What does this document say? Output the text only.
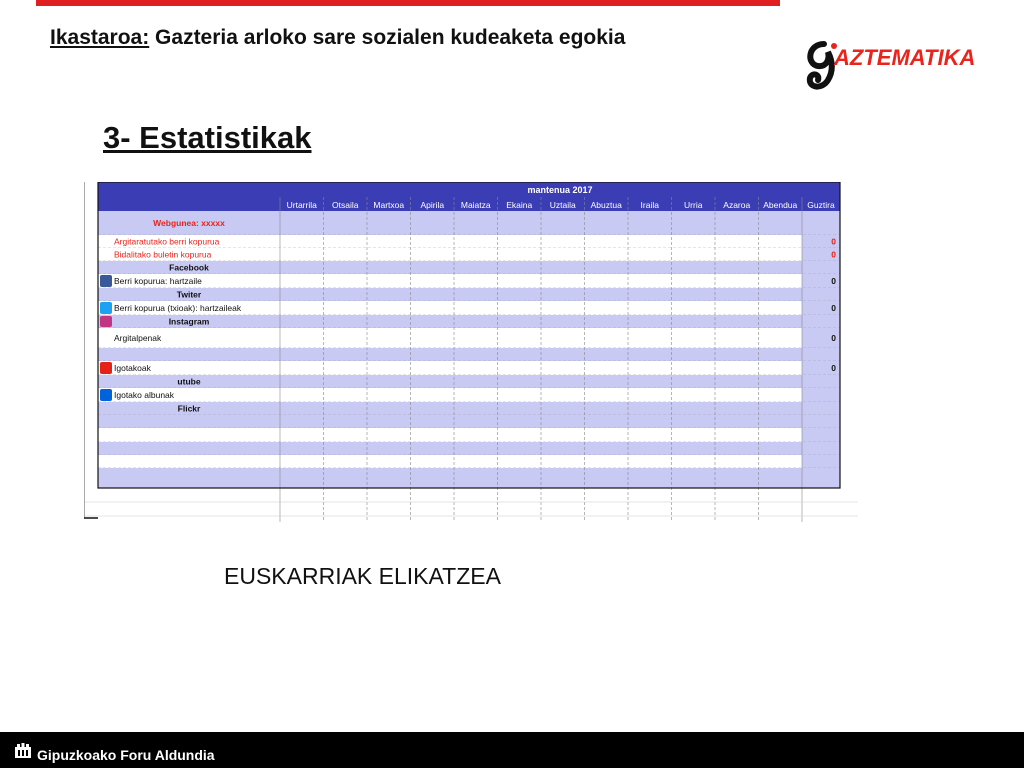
Ikastaroa: Gazteria arloko sare sozialen kudeaketa egokia
AZTEMATIKA
3- Estatistikak
mantenua 2017
Urtarrila Otsaila Martxoa Apirila Maiatza Ekaina Uztaila Abuztua Iraila	Urria Azaroa Abendua Guztira
Webgunea: xxxxx
Argitaratutako berri kopurua	0
Bidalitako buletin kopurua	0
Facebook
Berri kopurua: hartzaile	0
Twiter
Berri kopurua (txioak): hartzaileak	0
Instagram
Argitalpenak	0
Igotakoak	0
utube
Igotako albunak
Flickr
EUSKARRIAK ELIKATZEA
Gipuzkoako Foru Aldundia
